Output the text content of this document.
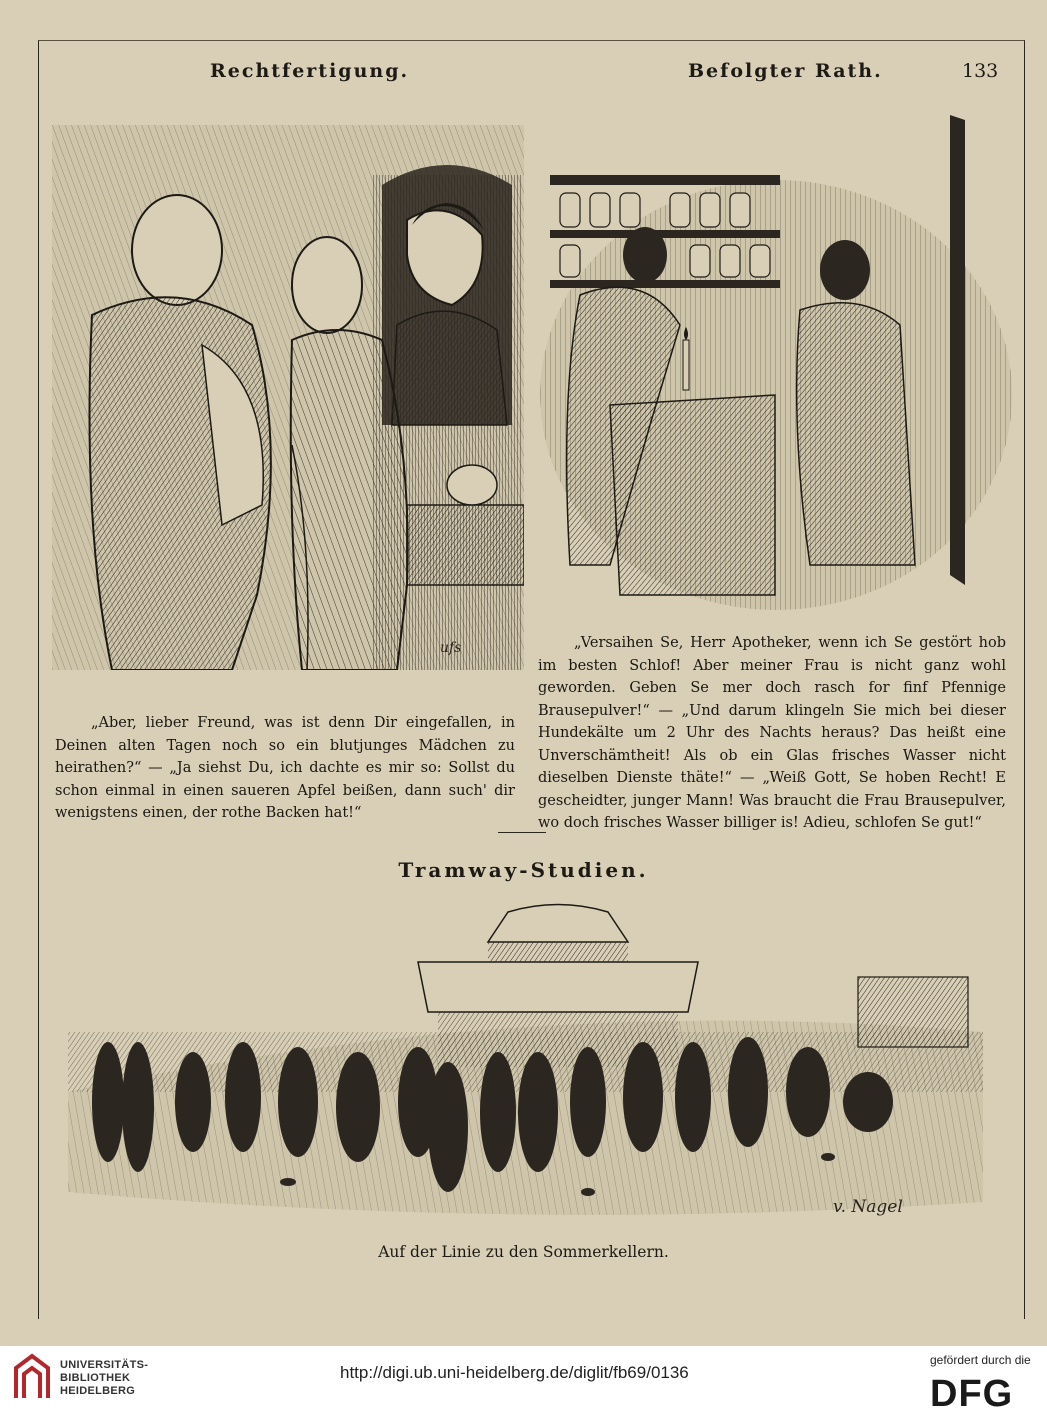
Rechtfertigung.	Befolgter Rath.	133
ufs
„Aber, lieber Freund, was ist denn Dir eingefallen, in Deinen alten Tagen noch so ein blutjunges Mädchen zu heirathen?“ — „Ja siehst Du, ich dachte es mir so: Sollst du schon einmal in einen saueren Apfel beißen, dann such' dir wenigstens einen, der rothe Backen hat!“
„Versaihen Se, Herr Apotheker, wenn ich Se gestört hob im besten Schlof! Aber meiner Frau is nicht ganz wohl geworden. Geben Se mer doch rasch for finf Pfennige Brausepulver!“ — „Und darum klingeln Sie mich bei dieser Hundekälte um 2 Uhr des Nachts heraus? Das heißt eine Unverschämtheit! Als ob ein Glas frisches Wasser nicht dieselben Dienste thäte!“ — „Weiß Gott, Se hoben Recht! E gescheidter, junger Mann! Was braucht die Frau Brausepulver, wo doch frisches Wasser billiger is! Adieu, schlofen Se gut!“
Tramway-Studien.
v. Nagel
Auf der Linie zu den Sommerkellern.
UNIVERSITÄTS-
BIBLIOTHEK
HEIDELBERG
http://digi.ub.uni-heidelberg.de/diglit/fb69/0136
gefördert durch die
DFG
